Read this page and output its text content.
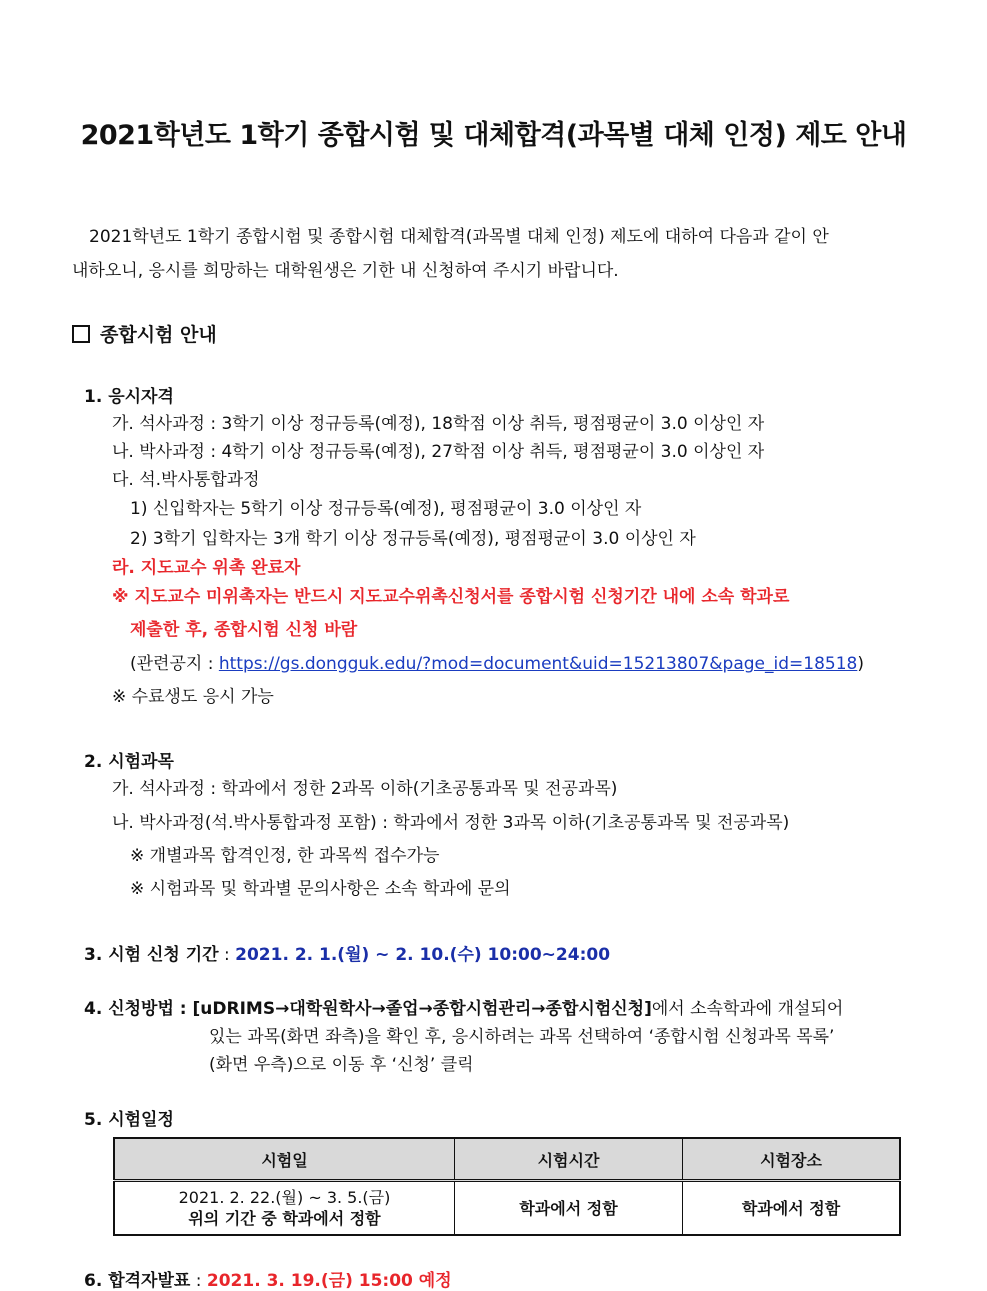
2021학년도 1학기 종합시험 및 대체합격(과목별 대체 인정) 제도 안내
2021학년도 1학기 종합시험 및 종합시험 대체합격(과목별 대체 인정) 제도에 대하여 다음과 같이 안
내하오니, 응시를 희망하는 대학원생은 기한 내 신청하여 주시기 바랍니다.
종합시험 안내
1. 응시자격
가. 석사과정 : 3학기 이상 정규등록(예정), 18학점 이상 취득, 평점평균이 3.0 이상인 자
나. 박사과정 : 4학기 이상 정규등록(예정), 27학점 이상 취득, 평점평균이 3.0 이상인 자
다. 석.박사통합과정
1) 신입학자는 5학기 이상 정규등록(예정), 평점평균이 3.0 이상인 자
2) 3학기 입학자는 3개 학기 이상 정규등록(예정), 평점평균이 3.0 이상인 자
라. 지도교수 위촉 완료자
※ 지도교수 미위촉자는 반드시 지도교수위촉신청서를 종합시험 신청기간 내에 소속 학과로
제출한 후, 종합시험 신청 바람
(관련공지 : https://gs.dongguk.edu/?mod=document&uid=15213807&page_id=18518)
※ 수료생도 응시 가능
2. 시험과목
가. 석사과정 : 학과에서 정한 2과목 이하(기초공통과목 및 전공과목)
나. 박사과정(석.박사통합과정 포함) : 학과에서 정한 3과목 이하(기초공통과목 및 전공과목)
※ 개별과목 합격인정, 한 과목씩 접수가능
※ 시험과목 및 학과별 문의사항은 소속 학과에 문의
3. 시험 신청 기간 : 2021. 2. 1.(월) ~ 2. 10.(수) 10:00~24:00
4. 신청방법 : [uDRIMS→대학원학사→졸업→종합시험관리→종합시험신청]에서 소속학과에 개설되어
있는 과목(화면 좌측)을 확인 후, 응시하려는 과목 선택하여 ‘종합시험 신청과목 목록’
(화면 우측)으로 이동 후 ‘신청’ 클릭
5. 시험일정
시험일	시험시간	시험장소

2021. 2. 22.(월) ~ 3. 5.(금)
위의 기간 중 학과에서 정함	학과에서 정함	학과에서 정함
6. 합격자발표 : 2021. 3. 19.(금) 15:00 예정
